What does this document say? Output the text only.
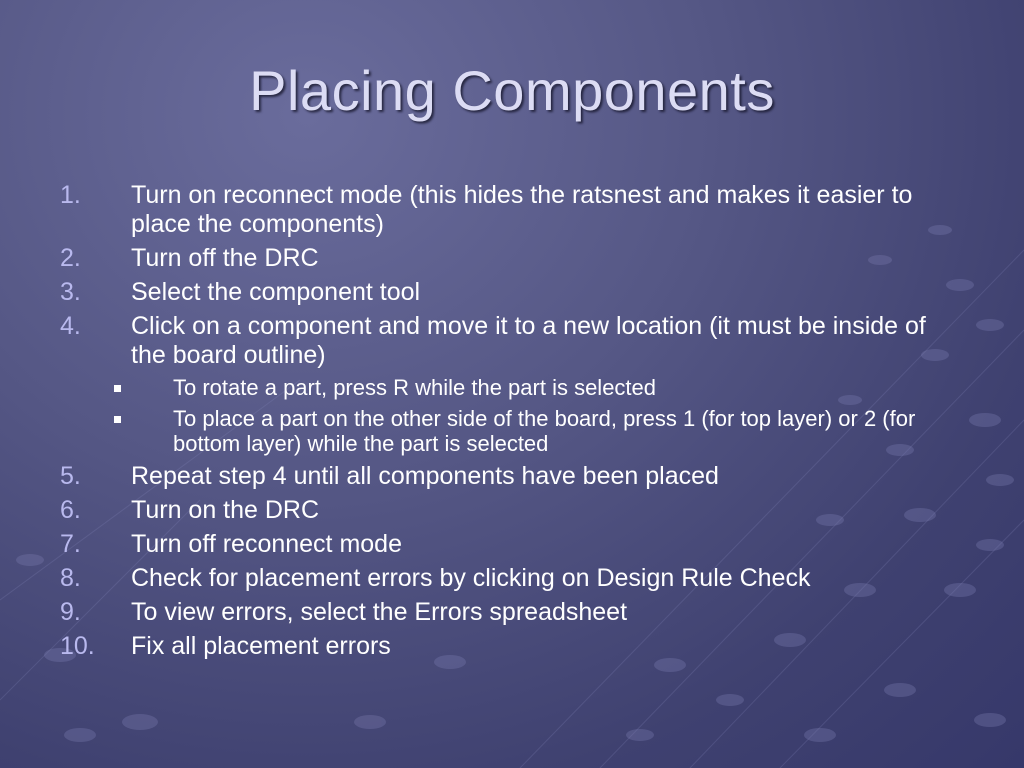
Placing Components
1. Turn on reconnect mode (this hides the ratsnest and makes it easier to place the components)
2. Turn off the DRC
3. Select the component tool
4. Click on a component and move it to a new location (it must be inside of the board outline)
To rotate a part, press R while the part is selected
To place a part on the other side of the board, press 1 (for top layer) or 2 (for bottom layer) while the part is selected
5. Repeat step 4 until all components have been placed
6. Turn on the DRC
7. Turn off reconnect mode
8. Check for placement errors by clicking on Design Rule Check
9. To view errors, select the Errors spreadsheet
10. Fix all placement errors
